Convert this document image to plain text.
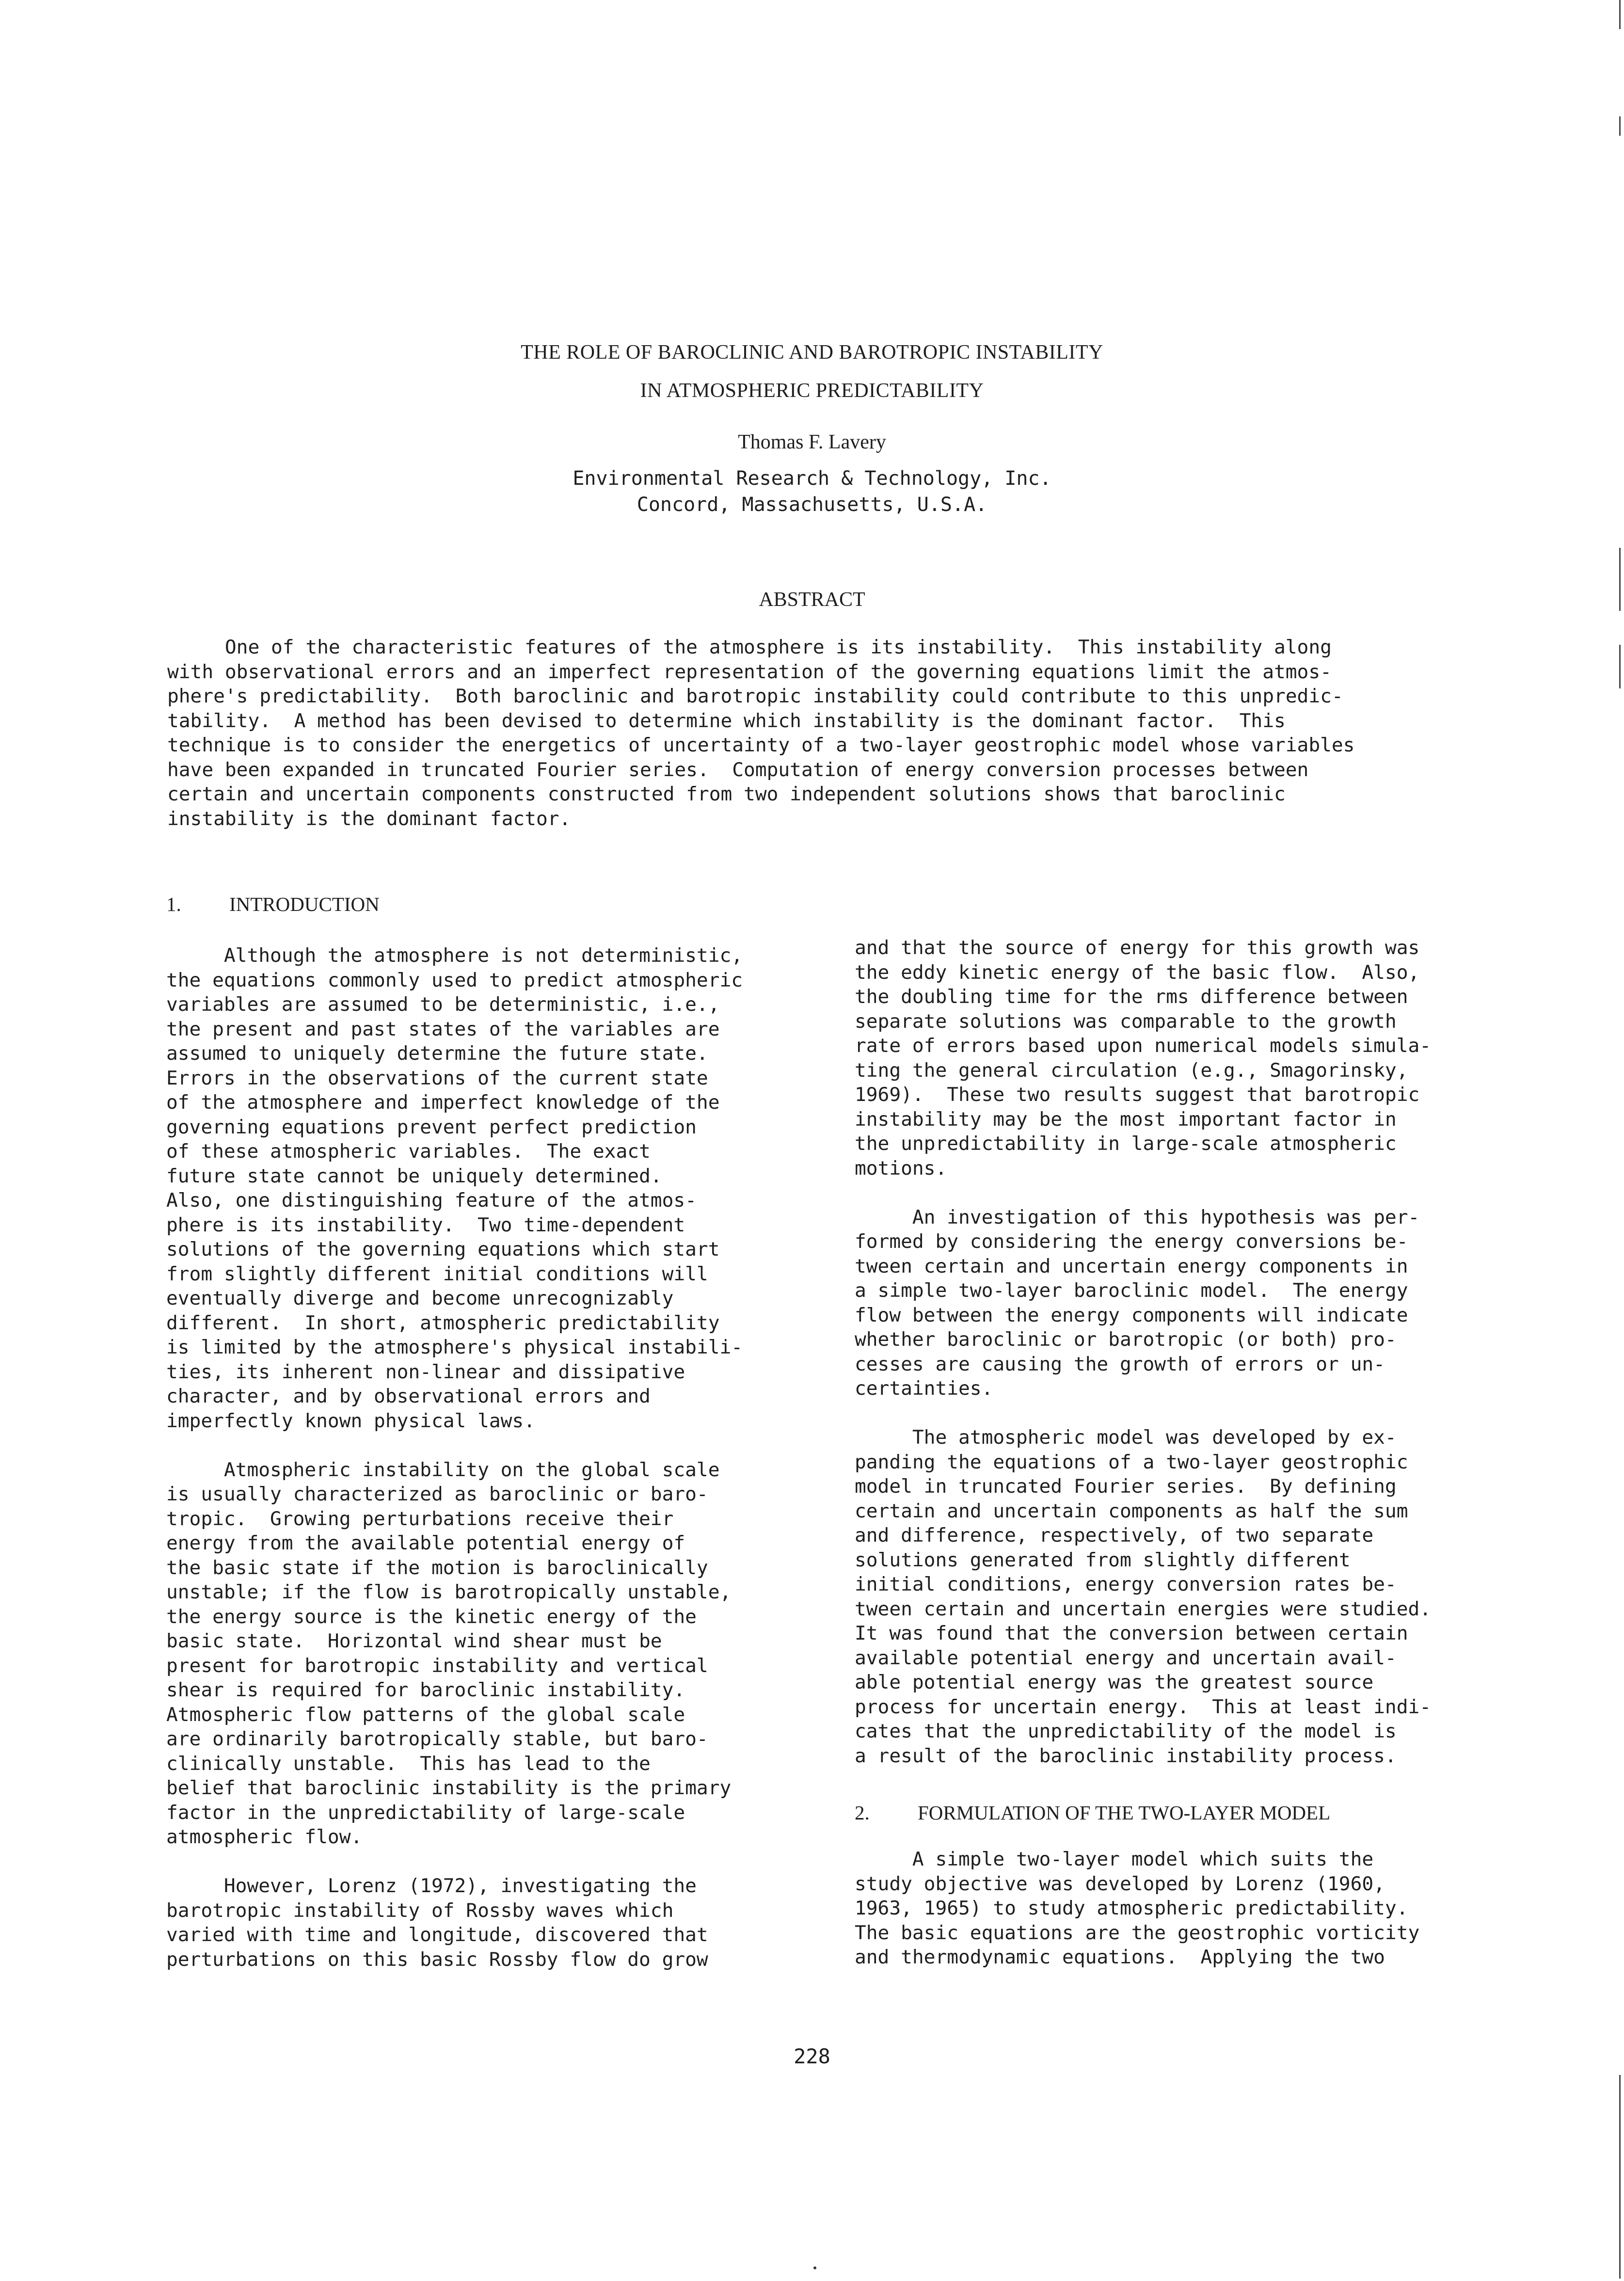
THE ROLE OF BAROCLINIC AND BAROTROPIC INSTABILITY
IN ATMOSPHERIC PREDICTABILITY
Thomas F. Lavery
Environmental Research & Technology, Inc.
Concord, Massachusetts, U.S.A.
ABSTRACT
One of the characteristic features of the atmosphere is its instability.  This instability along
with observational errors and an imperfect representation of the governing equations limit the atmos-
phere's predictability.  Both baroclinic and barotropic instability could contribute to this unpredic-
tability.  A method has been devised to determine which instability is the dominant factor.  This
technique is to consider the energetics of uncertainty of a two-layer geostrophic model whose variables
have been expanded in truncated Fourier series.  Computation of energy conversion processes between
certain and uncertain components constructed from two independent solutions shows that baroclinic
instability is the dominant factor.
1. INTRODUCTION
Although the atmosphere is not deterministic,
the equations commonly used to predict atmospheric
variables are assumed to be deterministic, i.e.,
the present and past states of the variables are
assumed to uniquely determine the future state.
Errors in the observations of the current state
of the atmosphere and imperfect knowledge of the
governing equations prevent perfect prediction
of these atmospheric variables.  The exact
future state cannot be uniquely determined.
Also, one distinguishing feature of the atmos-
phere is its instability.  Two time-dependent
solutions of the governing equations which start
from slightly different initial conditions will
eventually diverge and become unrecognizably
different.  In short, atmospheric predictability
is limited by the atmosphere's physical instabili-
ties, its inherent non-linear and dissipative
character, and by observational errors and
imperfectly known physical laws.

Atmospheric instability on the global scale
is usually characterized as baroclinic or baro-
tropic.  Growing perturbations receive their
energy from the available potential energy of
the basic state if the motion is baroclinically
unstable; if the flow is barotropically unstable,
the energy source is the kinetic energy of the
basic state.  Horizontal wind shear must be
present for barotropic instability and vertical
shear is required for baroclinic instability.
Atmospheric flow patterns of the global scale
are ordinarily barotropically stable, but baro-
clinically unstable.  This has lead to the
belief that baroclinic instability is the primary
factor in the unpredictability of large-scale
atmospheric flow.

However, Lorenz (1972), investigating the
barotropic instability of Rossby waves which
varied with time and longitude, discovered that
perturbations on this basic Rossby flow do grow
and that the source of energy for this growth was
the eddy kinetic energy of the basic flow.  Also,
the doubling time for the rms difference between
separate solutions was comparable to the growth
rate of errors based upon numerical models simula-
ting the general circulation (e.g., Smagorinsky,
1969).  These two results suggest that barotropic
instability may be the most important factor in
the unpredictability in large-scale atmospheric
motions.

An investigation of this hypothesis was per-
formed by considering the energy conversions be-
tween certain and uncertain energy components in
a simple two-layer baroclinic model.  The energy
flow between the energy components will indicate
whether baroclinic or barotropic (or both) pro-
cesses are causing the growth of errors or un-
certainties.

The atmospheric model was developed by ex-
panding the equations of a two-layer geostrophic
model in truncated Fourier series.  By defining
certain and uncertain components as half the sum
and difference, respectively, of two separate
solutions generated from slightly different
initial conditions, energy conversion rates be-
tween certain and uncertain energies were studied.
It was found that the conversion between certain
available potential energy and uncertain avail-
able potential energy was the greatest source
process for uncertain energy.  This at least indi-
cates that the unpredictability of the model is
a result of the baroclinic instability process.
2. FORMULATION OF THE TWO-LAYER MODEL
A simple two-layer model which suits the
study objective was developed by Lorenz (1960,
1963, 1965) to study atmospheric predictability.
The basic equations are the geostrophic vorticity
and thermodynamic equations.  Applying the two
228
